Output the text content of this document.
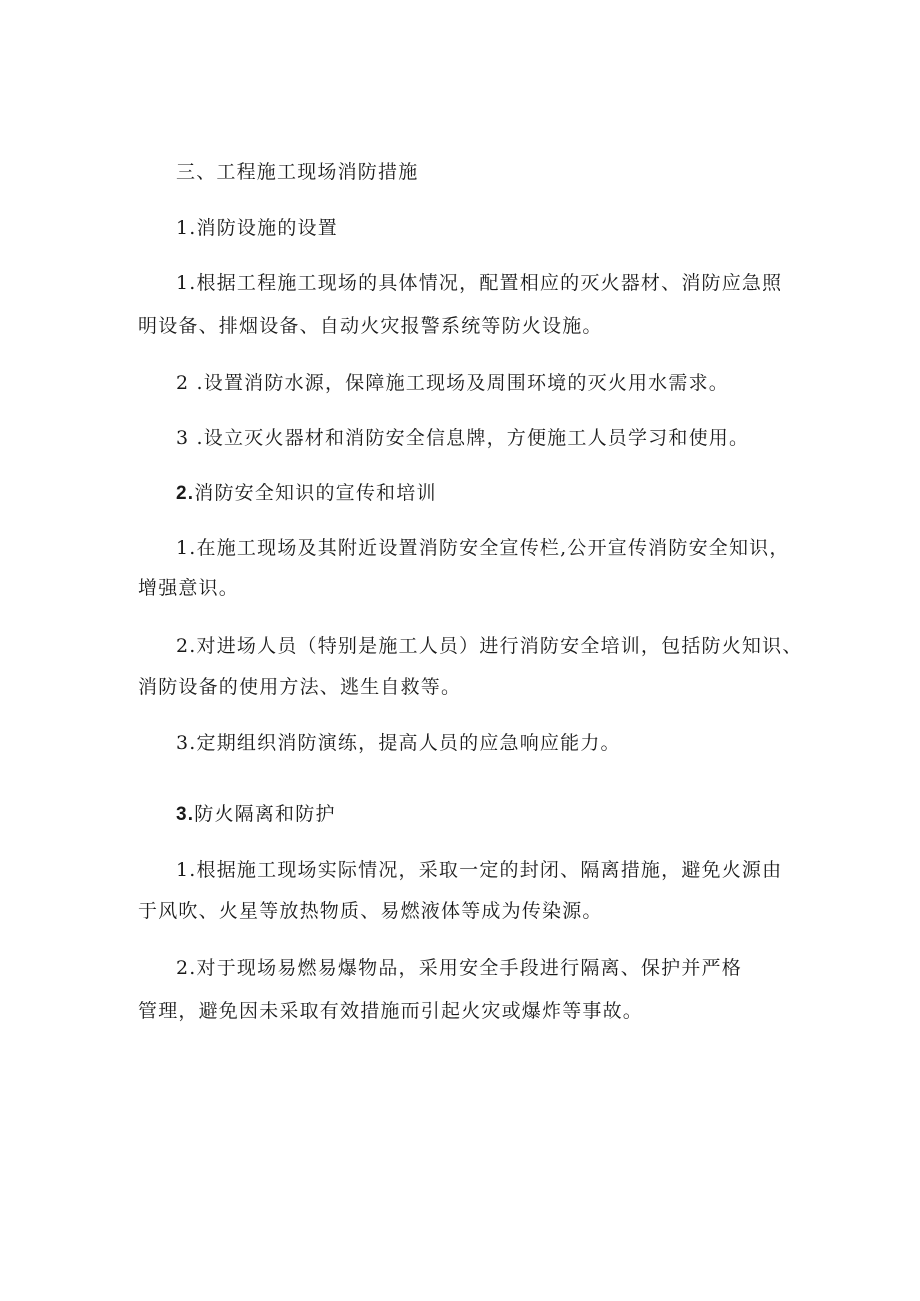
三、工程施工现场消防措施

1.消防设施的设置

1.根据工程施工现场的具体情况，配置相应的灭火器材、消防应急照

明设备、排烟设备、自动火灾报警系统等防火设施。

2 .设置消防水源，保障施工现场及周围环境的灭火用水需求。

3 .设立灭火器材和消防安全信息牌，方便施工人员学习和使用。

2.消防安全知识的宣传和培训

1.在施工现场及其附近设置消防安全宣传栏,公开宣传消防安全知识，

增强意识。

2.对进场人员（特别是施工人员）进行消防安全培训，包括防火知识、

消防设备的使用方法、逃生自救等。

3.定期组织消防演练，提高人员的应急响应能力。

3.防火隔离和防护

1.根据施工现场实际情况，采取一定的封闭、隔离措施，避免火源由

于风吹、火星等放热物质、易燃液体等成为传染源。

2.对于现场易燃易爆物品，采用安全手段进行隔离、保护并严格

管理，避免因未采取有效措施而引起火灾或爆炸等事故。
